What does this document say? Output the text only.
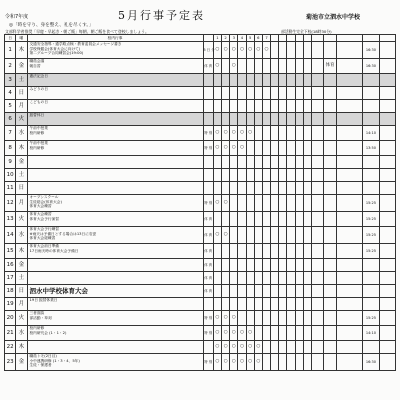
令和7年度	5月行事予定表	菊池市立泗水中学校
◎「時を守り、身を整え、礼を尽くす。」
文部科学省推奨「早寝・早起き・朝ご飯」毎朝、朝ご飯を食べて登校しましょう。	部活動生完全下校(18時30分)
日	曜	校内行事		1	2	3	4	5	6	7										
1	木	交通安全指導・通学路点検・教育委員会メッセージ書き
学校保健会(体育大会に向けて)
第二グループ合同練習会(19:00)	5 日 分	○	○	○	○	○	○	○									16:30	
2	金	職員会議
朝自習	体 育	○		○											体育		16:30	
3	土	憲法記念日																		

4	日	みどりの日																		

5	月	こどもの日																		

6	火	振替休日																		

7	水	午前中授業
校内研修	特 別	○	○	○	○	○											14:10	
8	木	午前中授業
校内研修	特 別	○	○	○	○												13:50	
9	金	

10	土	

11	日	

12	月	オープンスクール
生徒総会(体育大会)
体育大会練習	特 別	○	○														15:25	
13	火	体育大会練習
体育大会予行演習	体 育																15:25	
14	水	体育大会予行練習
※雨天は予備日とする場合は13日に変更
体育大会総練習	体 育	○	○														15:25	
15	木	体育大会前日準備
17日雨天時の体育大会予備日	体 育																15:25	
16	金		体 育																	
17	土		体 育																	
18	日	泗水中学校体育大会	体 育																	
19	月	19日 振替休業日																		

20	火	三者面談
部活動・草刈	特 別	○	○	○													15:25	
21	水	校内研修
校内研究会 (1・1・2)	特 別	○	○	○	○	○											14:10	
22	木			○	○	○	○	○	○											
23	金	職員トモ(2日目)
小中連携研修 (1・3・4、5年)
生徒・保護者	特 別	○	○	○	○	○	○										16:30	
